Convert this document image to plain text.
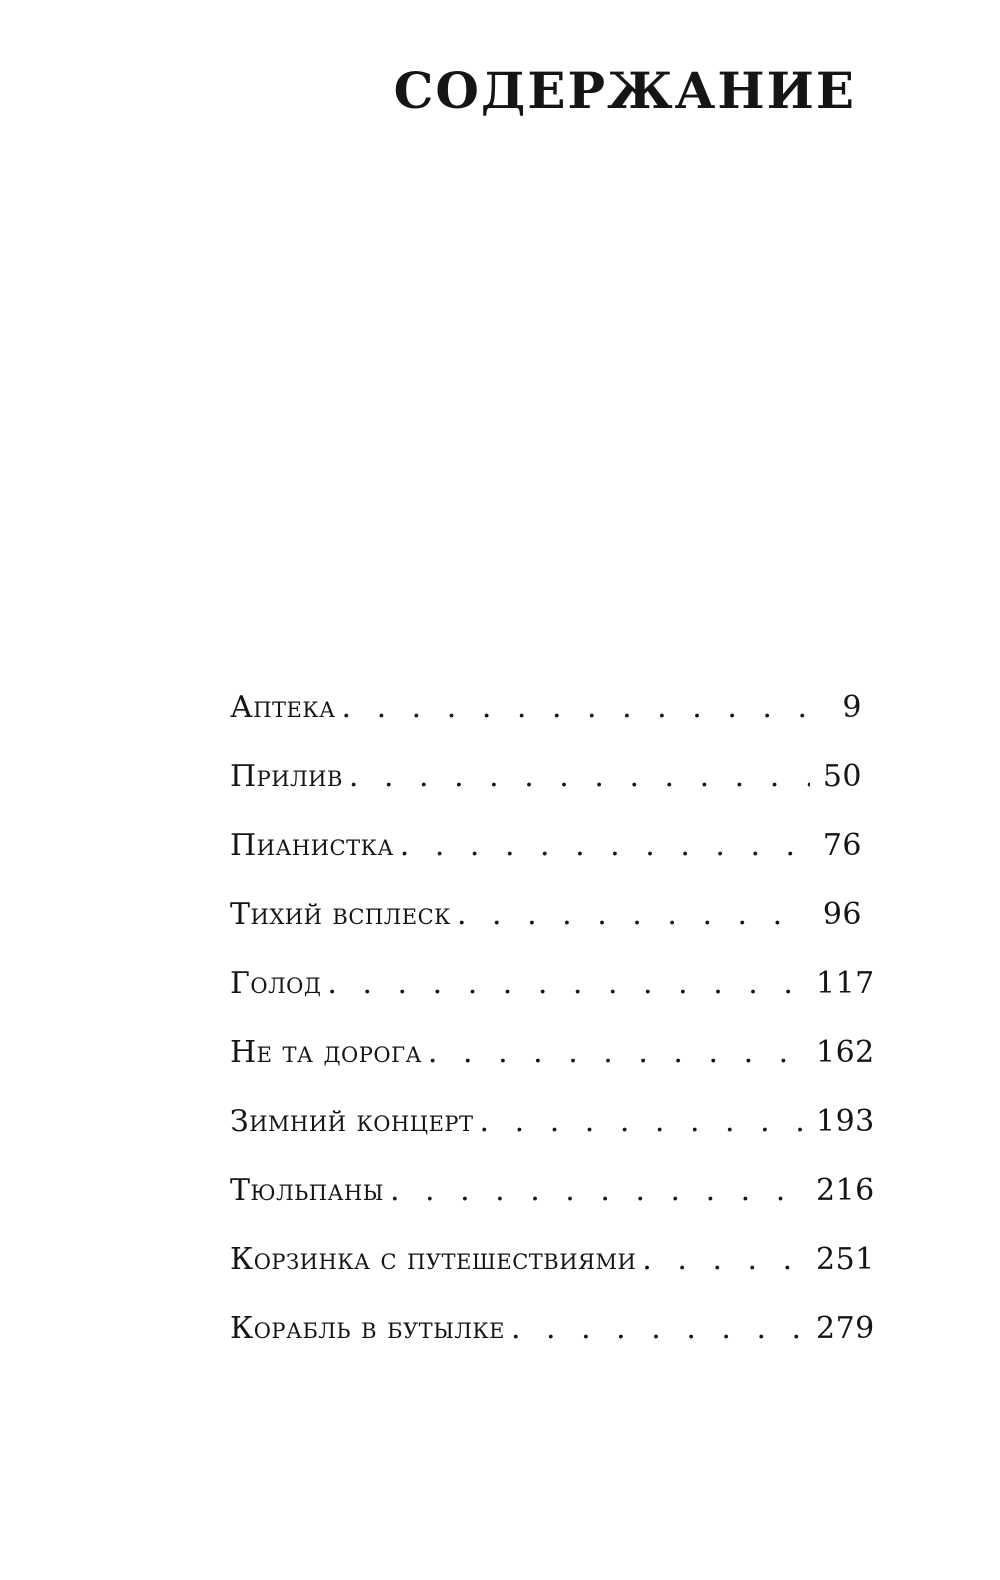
СОДЕРЖАНИЕ
Аптека . . .	9
Прилив . . .	50
Пианистка . . .	76
Тихий всплеск . . .	96
Голод . . .	117
Не та дорога . . .	162
Зимний концерт . . .	193
Тюльпаны . . .	216
Корзинка с путешествиями . . .	251
Корабль в бутылке . . .	279
